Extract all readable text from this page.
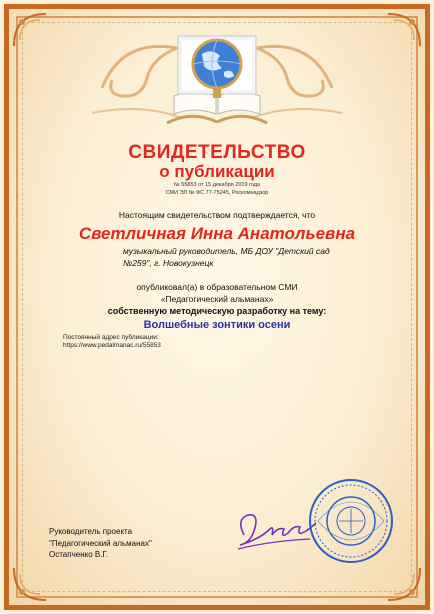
СВИДЕТЕЛЬСТВО
о публикации
№ 55853 от 15 декабря 2019 года
СМИ ЭЛ № ФС 77-75245, Роскомнадзор
Настоящим свидетельством подтверждается, что
Светличная Инна Анатольевна
музыкальный руководитель, МБ ДОУ "Детский сад №259", г. Новокузнецк
опубликовал(а) в образовательном СМИ
«Педагогический альманах»
собственную методическую разработку на тему:
Волшебные зонтики осени
Постоянный адрес публикации:
https://www.pedalmanac.ru/55853
Руководитель проекта
"Педагогический альманах"
Остапченко В.Г.
